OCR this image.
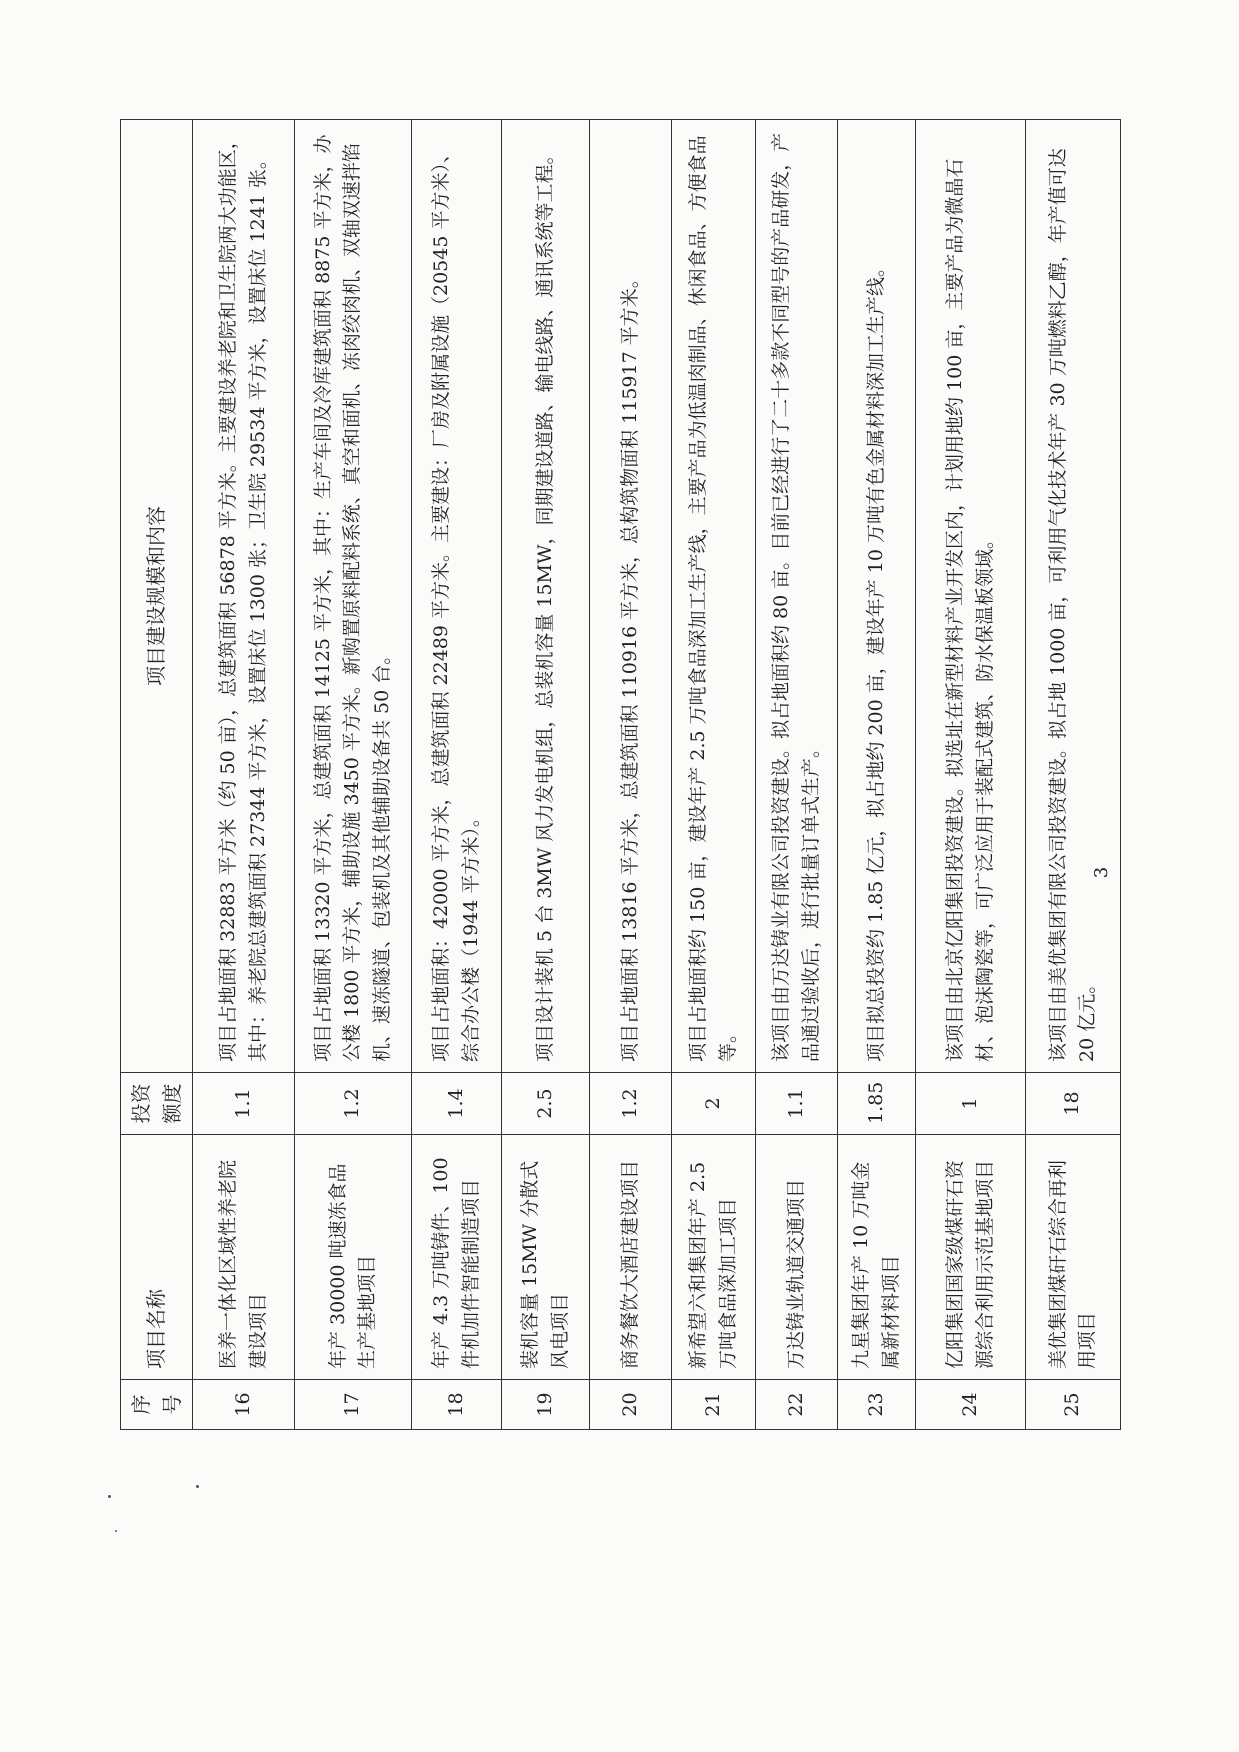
序号	项目名称	投资额度	项目建设规模和内容
16	医养一体化区域性养老院建设项目	1.1	项目占地面积 32883 平方米（约 50 亩），总建筑面积 56878 平方米。主要建设养老院和卫生院两大功能区，其中：养老院总建筑面积 27344 平方米，设置床位 1300 张；卫生院 29534 平方米，设置床位 1241 张。
17	年产 30000 吨速冻食品生产基地项目	1.2	项目占地面积 13320 平方米，总建筑面积 14125 平方米，其中：生产车间及冷库建筑面积 8875 平方米，办公楼 1800 平方米，辅助设施 3450 平方米。新购置原料配料系统、真空和面机、冻肉绞肉机、双轴双速拌馅机、速冻隧道、包装机及其他辅助设备共 50 台。
18	年产 4.3 万吨铸件、100 件机加件智能制造项目	1.4	项目占地面积：42000 平方米，总建筑面积 22489 平方米。主要建设：厂房及附属设施（20545 平方米）、综合办公楼（1944 平方米）。
19	装机容量 15MW 分散式风电项目	2.5	项目设计装机 5 台 3MW 风力发电机组，总装机容量 15MW，同期建设道路、输电线路、通讯系统等工程。
20	商务餐饮大酒店建设项目	1.2	项目占地面积 13816 平方米，总建筑面积 110916 平方米，总构筑物面积 115917 平方米。
21	新希望六和集团年产 2.5 万吨食品深加工项目	2	项目占地面积约 150 亩，建设年产 2.5 万吨食品深加工生产线，主要产品为低温肉制品、休闲食品、方便食品等。
22	万达铸业轨道交通项目	1.1	该项目由万达铸业有限公司投资建设。拟占地面积约 80 亩。目前已经进行了二十多款不同型号的产品研发，产品通过验收后，进行批量订单式生产。
23	九星集团年产 10 万吨金属新材料项目	1.85	项目拟总投资约 1.85 亿元，拟占地约 200 亩，建设年产 10 万吨有色金属材料深加工生产线。
24	亿阳集团国家级煤矸石资源综合利用示范基地项目	1	该项目由北京亿阳集团投资建设。拟选址在新型材料产业开发区内，计划用地约 100 亩，主要产品为微晶石材、泡沫陶瓷等，可广泛应用于装配式建筑、防水保温板领域。
25	美优集团煤矸石综合再利用项目	18	该项目由美优集团有限公司投资建设。拟占地 1000 亩，可利用气化技术年产 30 万吨燃料乙醇，年产值可达 20 亿元。
3
